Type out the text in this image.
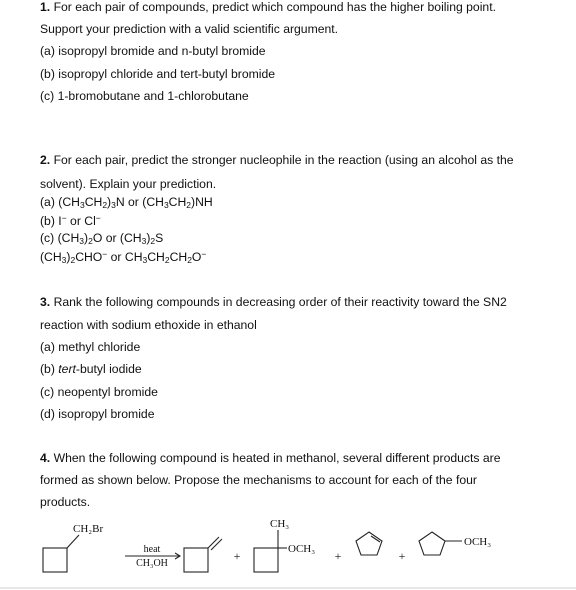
1. For each pair of compounds, predict which compound has the higher boiling point.
Support your prediction with a valid scientific argument.
(a) isopropyl bromide and n-butyl bromide
(b) isopropyl chloride and tert-butyl bromide
(c) 1-bromobutane and 1-chlorobutane
2. For each pair, predict the stronger nucleophile in the reaction (using an alcohol as the
solvent). Explain your prediction.
(a) $(CH_3CH_2)_3N$ or $(CH_3CH_2)NH$
(b) I− or Cl−
(c) $(CH_3)_2O$ or $(CH_3)_2S$
$(CH_3)_2CHO^-$ or $CH_3CH_2CH_2O^-$
3. Rank the following compounds in decreasing order of their reactivity toward the SN2
reaction with sodium ethoxide in ethanol
(a) methyl chloride
(b) tert-butyl iodide
(c) neopentyl bromide
(d) isopropyl bromide
4. When the following compound is heated in methanol, several different products are
formed as shown below. Propose the mechanisms to account for each of the four
products.
CH₂Br
heat
CH₃OH
+
CH₃
OCH₃ +	+
OCH₃
